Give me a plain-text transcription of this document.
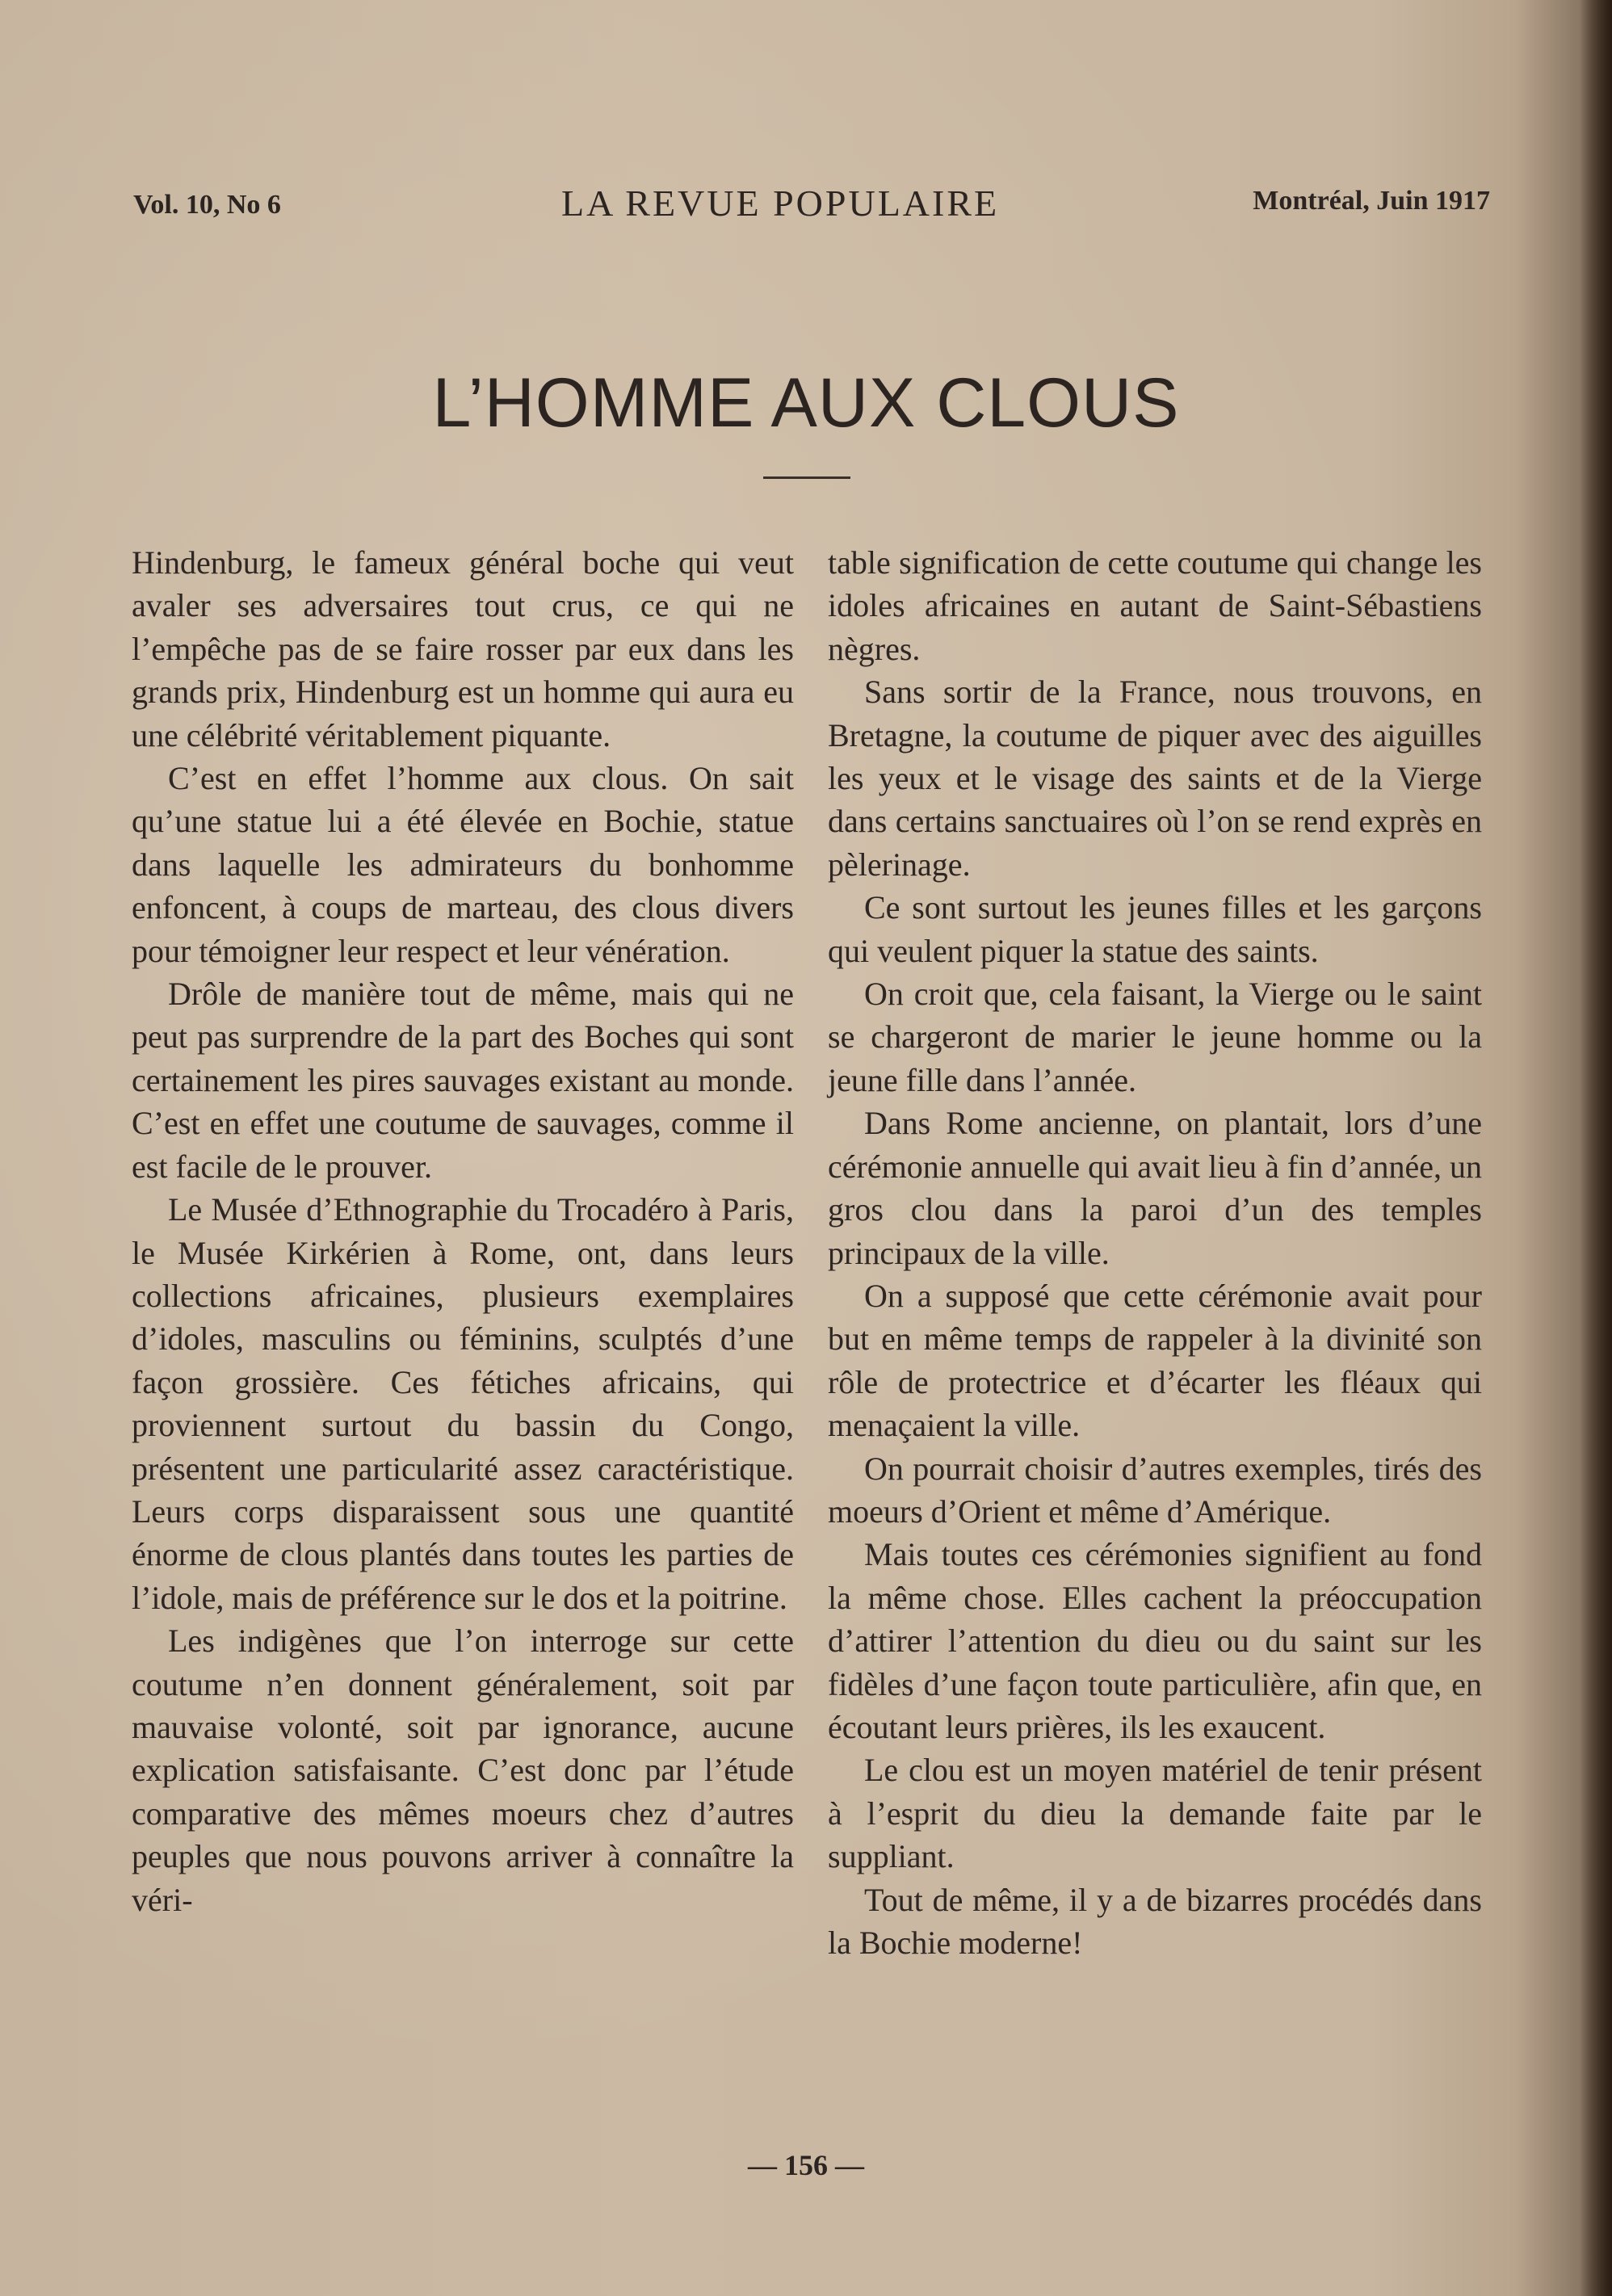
Vol. 10, No 6	LA REVUE POPULAIRE	Montréal, Juin 1917
L’HOMME AUX CLOUS

Hindenburg, le fameux général boche qui veut avaler ses adversaires tout crus, ce qui ne l’empêche pas de se faire rosser par eux dans les grands prix, Hindenburg est un homme qui aura eu une célébrité véritablement piquante.

C’est en effet l’homme aux clous. On sait qu’une statue lui a été élevée en Bochie, statue dans laquelle les admirateurs du bonhomme enfoncent, à coups de marteau, des clous divers pour témoigner leur respect et leur vénération.

Drôle de manière tout de même, mais qui ne peut pas surprendre de la part des Boches qui sont certainement les pires sauvages existant au monde. C’est en effet une coutume de sauvages, comme il est facile de le prouver.

Le Musée d’Ethnographie du Trocadéro à Paris, le Musée Kirkérien à Rome, ont, dans leurs collections africaines, plusieurs exemplaires d’idoles, masculins ou féminins, sculptés d’une façon grossière. Ces fétiches africains, qui proviennent surtout du bassin du Congo, présentent une particularité assez caractéristique. Leurs corps disparaissent sous une quantité énorme de clous plantés dans toutes les parties de l’idole, mais de préférence sur le dos et la poitrine.

Les indigènes que l’on interroge sur cette coutume n’en donnent généralement, soit par mauvaise volonté, soit par ignorance, aucune explication satisfaisante. C’est donc par l’étude comparative des mêmes moeurs chez d’autres peuples que nous pouvons arriver à connaître la véri-

table signification de cette coutume qui change les idoles africaines en autant de Saint-Sébastiens nègres.

Sans sortir de la France, nous trouvons, en Bretagne, la coutume de piquer avec des aiguilles les yeux et le visage des saints et de la Vierge dans certains sanctuaires où l’on se rend exprès en pèlerinage.

Ce sont surtout les jeunes filles et les garçons qui veulent piquer la statue des saints.

On croit que, cela faisant, la Vierge ou le saint se chargeront de marier le jeune homme ou la jeune fille dans l’année.

Dans Rome ancienne, on plantait, lors d’une cérémonie annuelle qui avait lieu à fin d’année, un gros clou dans la paroi d’un des temples principaux de la ville.

On a supposé que cette cérémonie avait pour but en même temps de rappeler à la divinité son rôle de protectrice et d’écarter les fléaux qui menaçaient la ville.

On pourrait choisir d’autres exemples, tirés des moeurs d’Orient et même d’Amérique.

Mais toutes ces cérémonies signifient au fond la même chose. Elles cachent la préoccupation d’attirer l’attention du dieu ou du saint sur les fidèles d’une façon toute particulière, afin que, en écoutant leurs prières, ils les exaucent.

Le clou est un moyen matériel de tenir présent à l’esprit du dieu la demande faite par le suppliant.

Tout de même, il y a de bizarres procédés dans la Bochie moderne!

— 156 —
